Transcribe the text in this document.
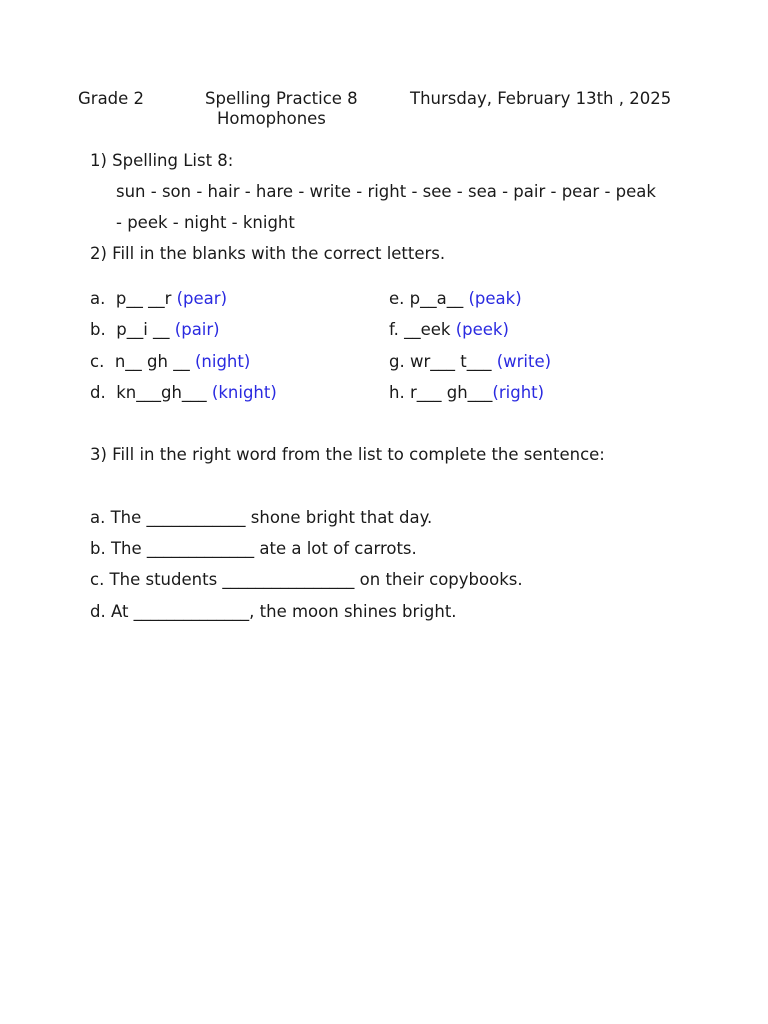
Grade 2	Spelling Practice 8	Thursday, February 13th , 2025
Homophones
1) Spelling List 8:
sun - son - hair - hare - write - right - see - sea - pair - pear - peak
- peek - night - knight
2) Fill in the blanks with the correct letters.
a. p__ __r (pear)
b. p__i __ (pair)
c. n__ gh __ (night)
d. kn___gh___ (knight)
e. p__a__ (peak)
f. __eek (peek)
g. wr___ t___ (write)
h. r___ gh___(right)
3) Fill in the right word from the list to complete the sentence:
a. The ____________ shone bright that day.
b. The _____________ ate a lot of carrots.
c. The students ________________ on their copybooks.
d. At ______________, the moon shines bright.
